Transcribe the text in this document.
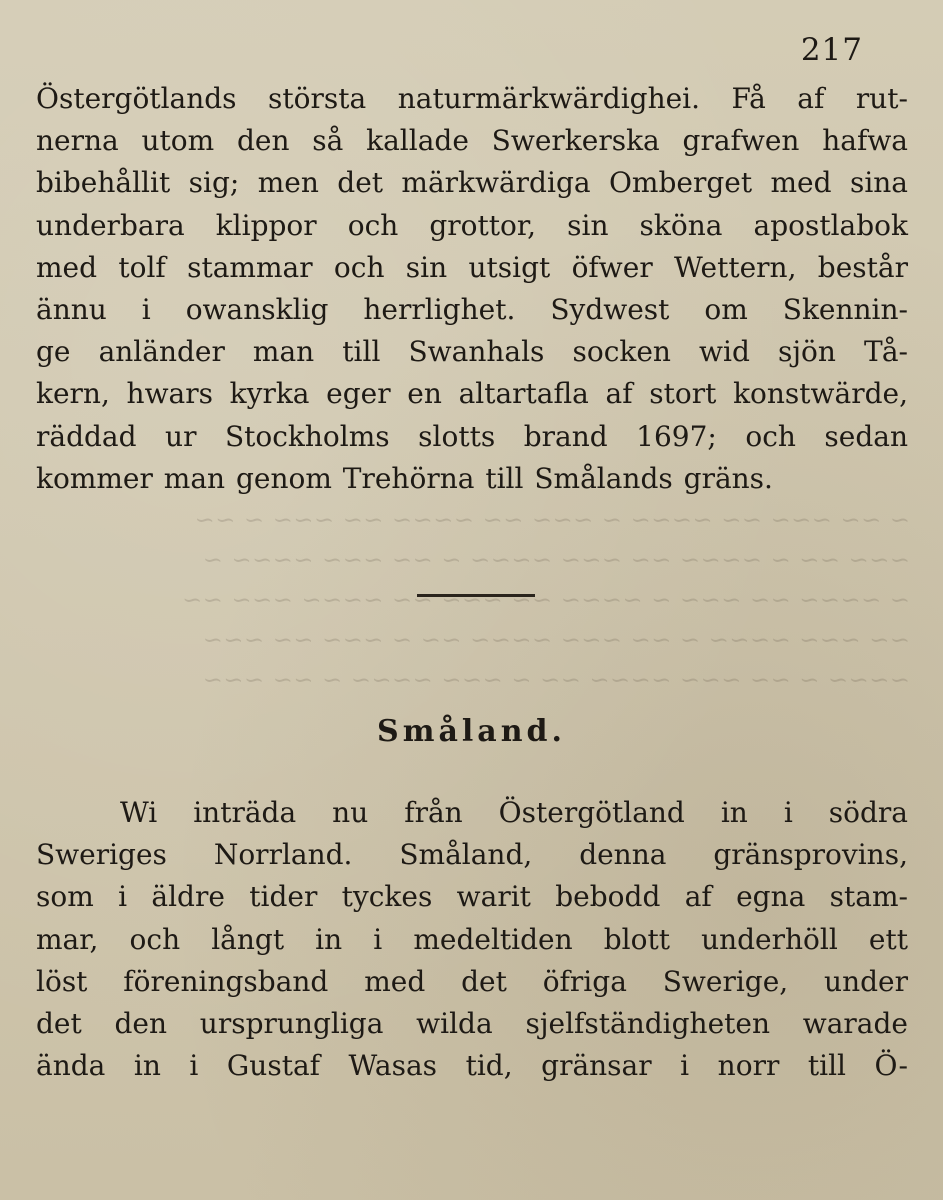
~ ~~ ~~~ ~~ ~~~~ ~ ~~~ ~~ ~~~~ ~~ ~~~ ~ ~~
~~~ ~~ ~ ~~~~ ~~ ~~~ ~~~~ ~ ~~ ~~~ ~~~~ ~
~ ~~~~ ~~ ~~~ ~ ~~~~ ~~ ~~~ ~~ ~~~~ ~~~ ~~
~~ ~~~ ~~~~ ~ ~~ ~~~ ~~~~ ~~ ~ ~~~ ~~ ~~~
~~~~ ~ ~~ ~~~ ~~~~ ~~ ~ ~~~ ~~~~ ~ ~~ ~~~
217
Östergötlands största naturmärkwärdighei. Få af rut-
nerna utom den så kallade Swerkerska grafwen hafwa
bibehållit sig; men det märkwärdiga Omberget med sina
underbara klippor och grottor, sin sköna apostlabok
med tolf stammar och sin utsigt öfwer Wettern, består
ännu i owansklig herrlighet. Sydwest om Skennin-
ge anländer man till Swanhals socken wid sjön Tå-
kern, hwars kyrka eger en altartafla af stort konstwärde,
räddad ur Stockholms slotts brand 1697; och sedan
kommer man genom Trehörna till Smålands gräns.
Småland.
Wi inträda nu från Östergötland in i södra
Sweriges Norrland. Småland, denna gränsprovins,
som i äldre tider tyckes warit bebodd af egna stam-
mar, och långt in i medeltiden blott underhöll ett
löst föreningsband med det öfriga Swerige, under
det den ursprungliga wilda sjelfständigheten warade
ända in i Gustaf Wasas tid, gränsar i norr till Ö-
